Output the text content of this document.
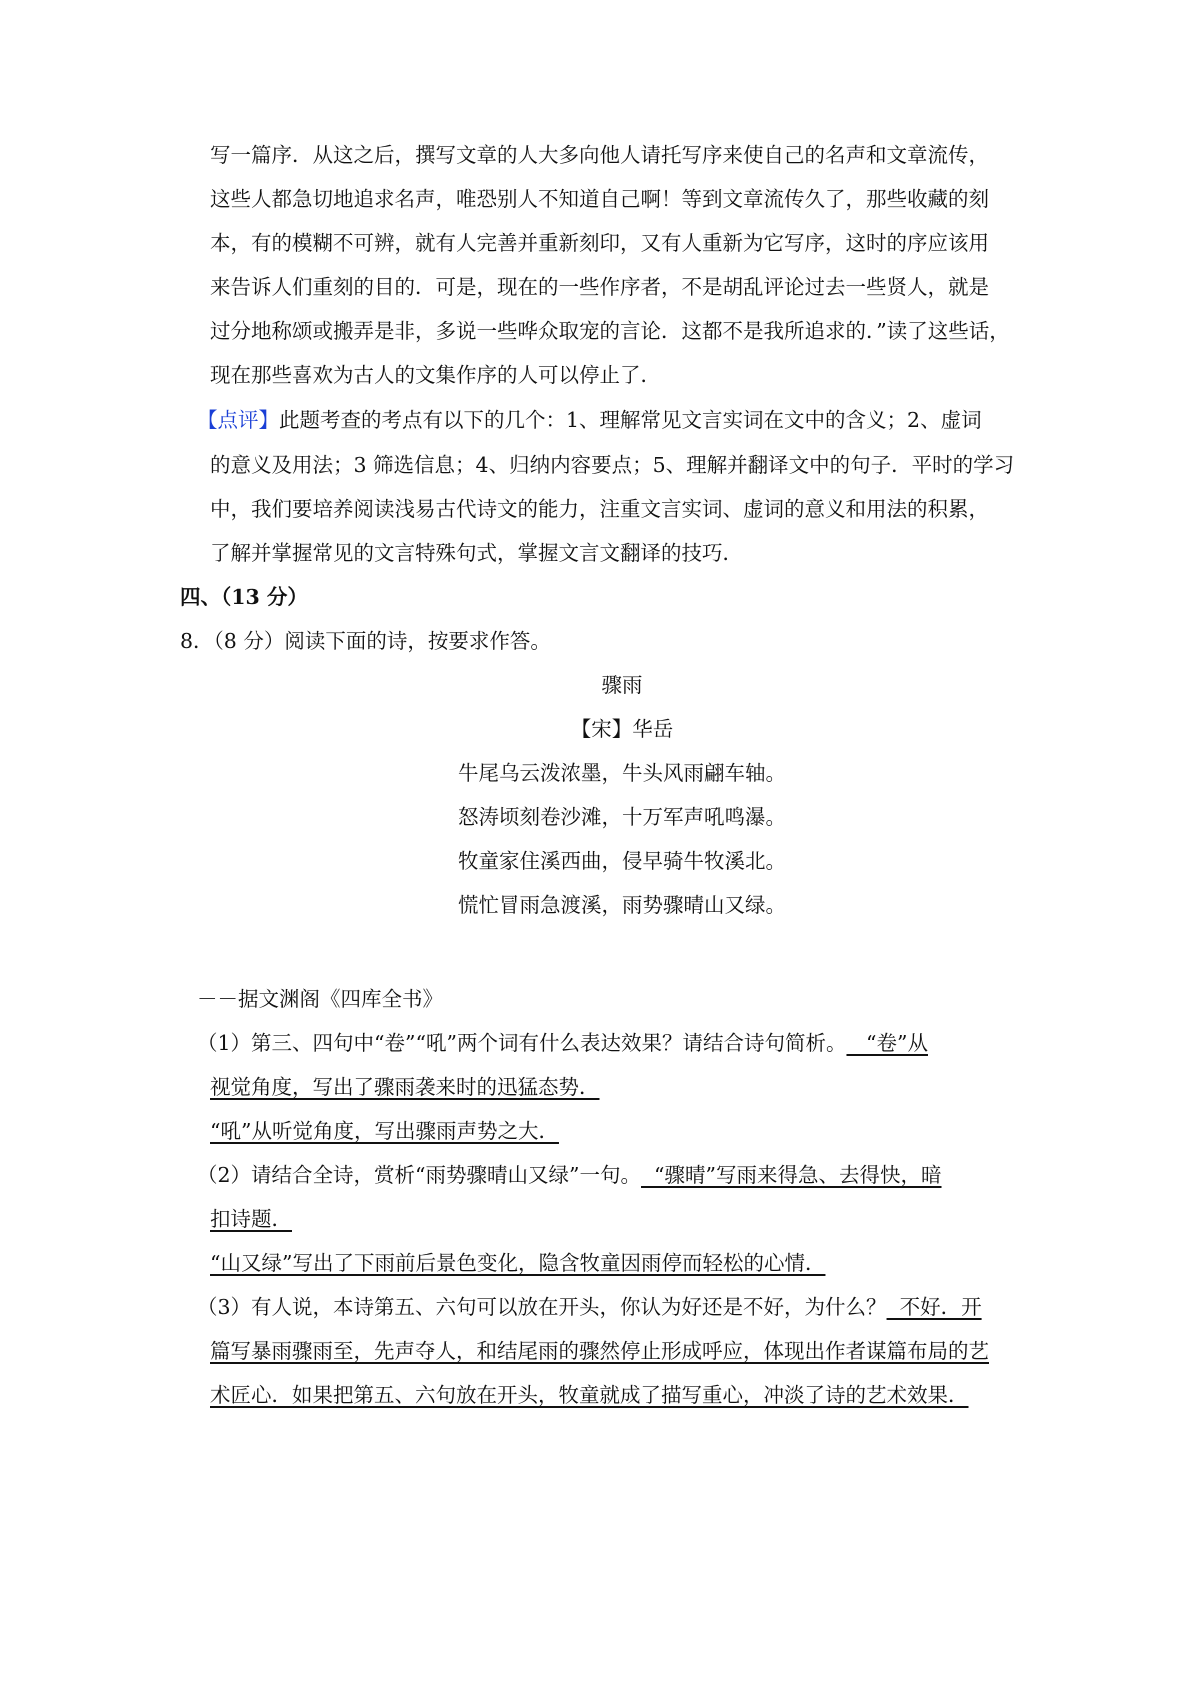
写一篇序．从这之后，撰写文章的人大多向他人请托写序来使自己的名声和文章流传，
这些人都急切地追求名声，唯恐别人不知道自己啊！等到文章流传久了，那些收藏的刻
本，有的模糊不可辨，就有人完善并重新刻印，又有人重新为它写序，这时的序应该用
来告诉人们重刻的目的．可是，现在的一些作序者，不是胡乱评论过去一些贤人，就是
过分地称颂或搬弄是非，多说一些哗众取宠的言论．这都不是我所追求的．”读了这些话，
现在那些喜欢为古人的文集作序的人可以停止了．
【点评】此题考查的考点有以下的几个：1、理解常见文言实词在文中的含义；2、虚词
的意义及用法；3 筛选信息；4、归纳内容要点；5、理解并翻译文中的句子．平时的学习
中，我们要培养阅读浅易古代诗文的能力，注重文言实词、虚词的意义和用法的积累，
了解并掌握常见的文言特殊句式，掌握文言文翻译的技巧．
四、（13 分）
8．（8 分）阅读下面的诗，按要求作答。
骤雨
【宋】华岳
牛尾乌云泼浓墨，牛头风雨翩车轴。
怒涛顷刻卷沙滩，十万军声吼鸣瀑。
牧童家住溪西曲，侵早骑牛牧溪北。
慌忙冒雨急渡溪，雨势骤晴山又绿。
－－据文渊阁《四库全书》
（1）第三、四句中“卷”“吼”两个词有什么表达效果？请结合诗句简析。   “卷”从
视觉角度，写出了骤雨袭来时的迅猛态势．
“吼”从听觉角度，写出骤雨声势之大．
（2）请结合全诗，赏析“雨势骤晴山又绿”一句。  “骤晴”写雨来得急、去得快，暗
扣诗题．
“山又绿”写出了下雨前后景色变化，隐含牧童因雨停而轻松的心情．
（3）有人说，本诗第五、六句可以放在开头，你认为好还是不好，为什么？  不好．开
篇写暴雨骤雨至，先声夺人，和结尾雨的骤然停止形成呼应，体现出作者谋篇布局的艺
术匠心．如果把第五、六句放在开头，牧童就成了描写重心，冲淡了诗的艺术效果．
